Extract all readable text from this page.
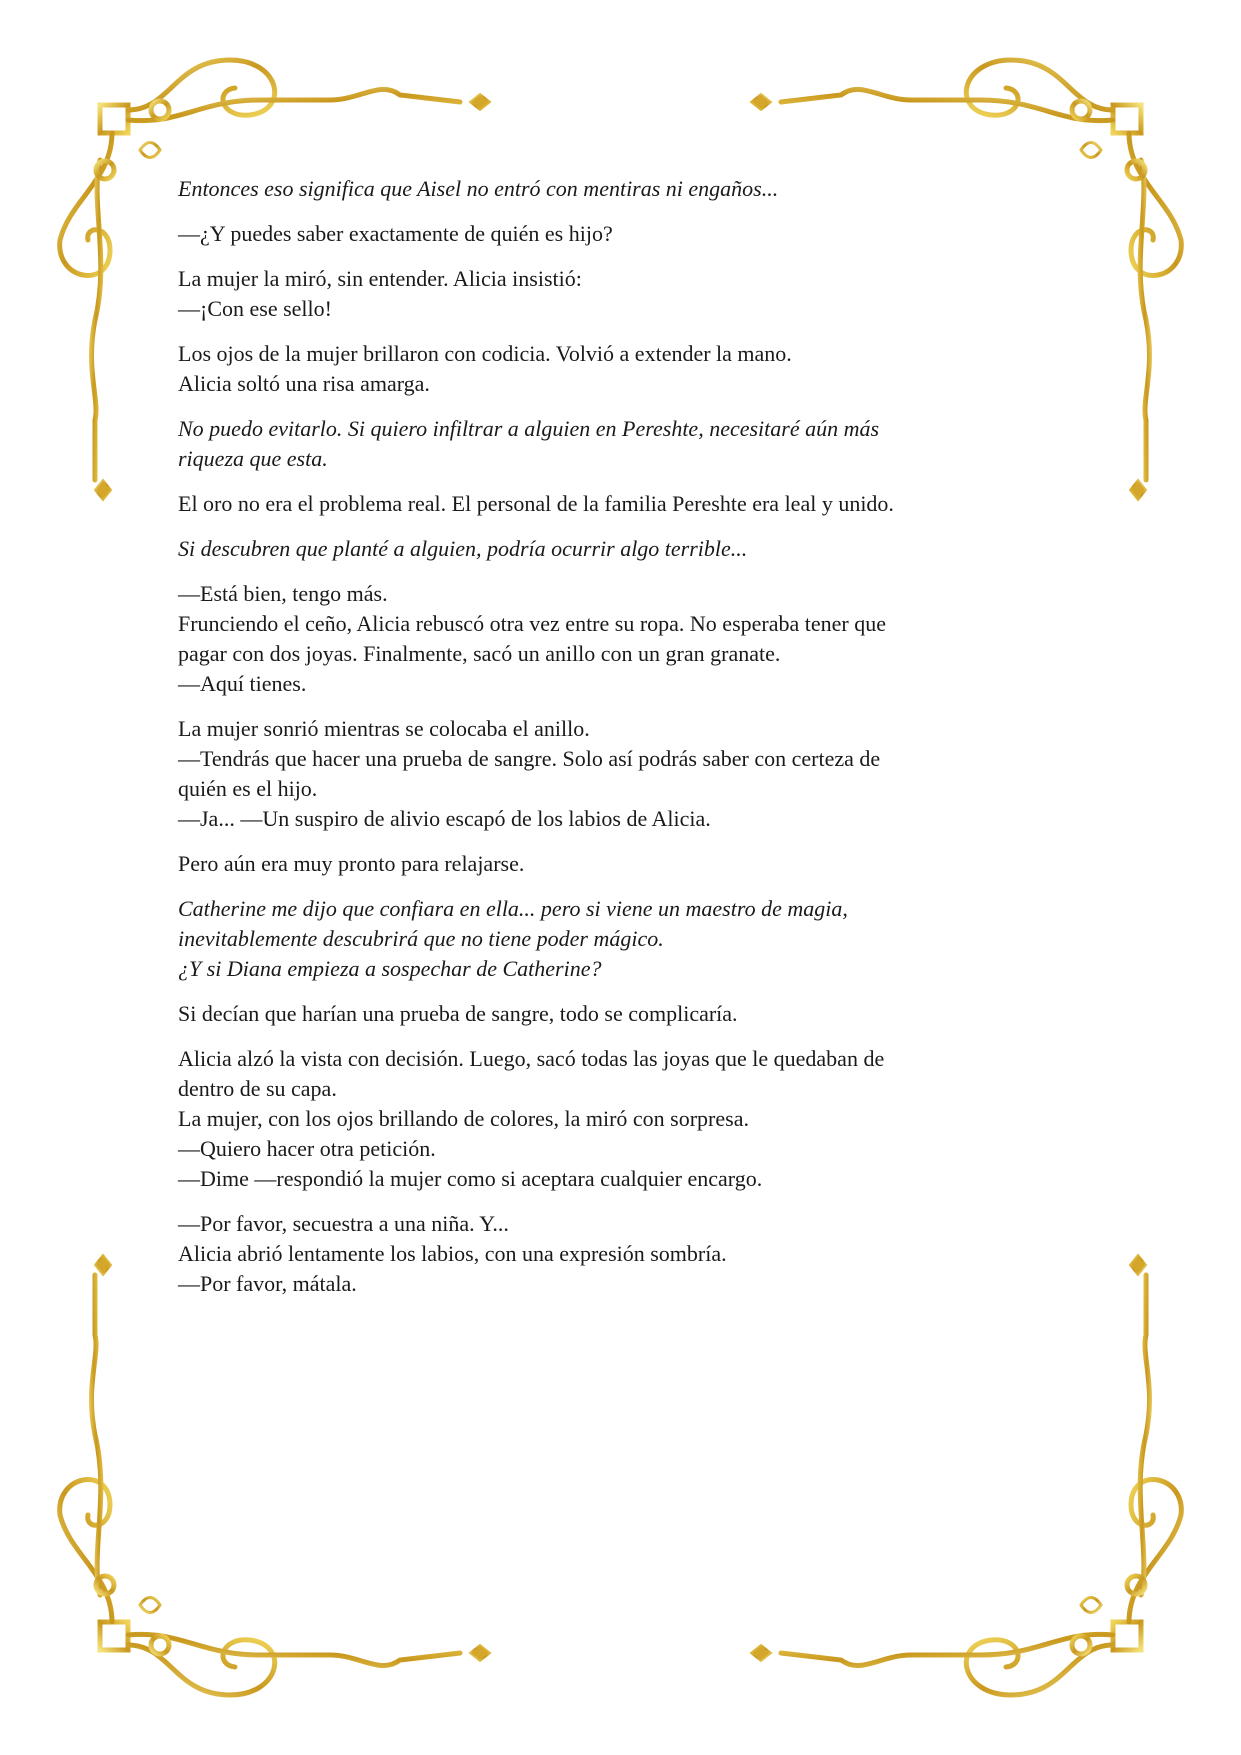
Entonces eso significa que Aisel no entró con mentiras ni engaños...
—¿Y puedes saber exactamente de quién es hijo?
La mujer la miró, sin entender. Alicia insistió:
—¡Con ese sello!
Los ojos de la mujer brillaron con codicia. Volvió a extender la mano.
Alicia soltó una risa amarga.
No puedo evitarlo. Si quiero infiltrar a alguien en Pereshte, necesitaré aún más
riqueza que esta.
El oro no era el problema real. El personal de la familia Pereshte era leal y unido.
Si descubren que planté a alguien, podría ocurrir algo terrible...
—Está bien, tengo más.
Frunciendo el ceño, Alicia rebuscó otra vez entre su ropa. No esperaba tener que
pagar con dos joyas. Finalmente, sacó un anillo con un gran granate.
—Aquí tienes.
La mujer sonrió mientras se colocaba el anillo.
—Tendrás que hacer una prueba de sangre. Solo así podrás saber con certeza de
quién es el hijo.
—Ja... —Un suspiro de alivio escapó de los labios de Alicia.
Pero aún era muy pronto para relajarse.
Catherine me dijo que confiara en ella... pero si viene un maestro de magia,
inevitablemente descubrirá que no tiene poder mágico.
¿Y si Diana empieza a sospechar de Catherine?
Si decían que harían una prueba de sangre, todo se complicaría.
Alicia alzó la vista con decisión. Luego, sacó todas las joyas que le quedaban de
dentro de su capa.
La mujer, con los ojos brillando de colores, la miró con sorpresa.
—Quiero hacer otra petición.
—Dime —respondió la mujer como si aceptara cualquier encargo.
—Por favor, secuestra a una niña. Y...
Alicia abrió lentamente los labios, con una expresión sombría.
—Por favor, mátala.
